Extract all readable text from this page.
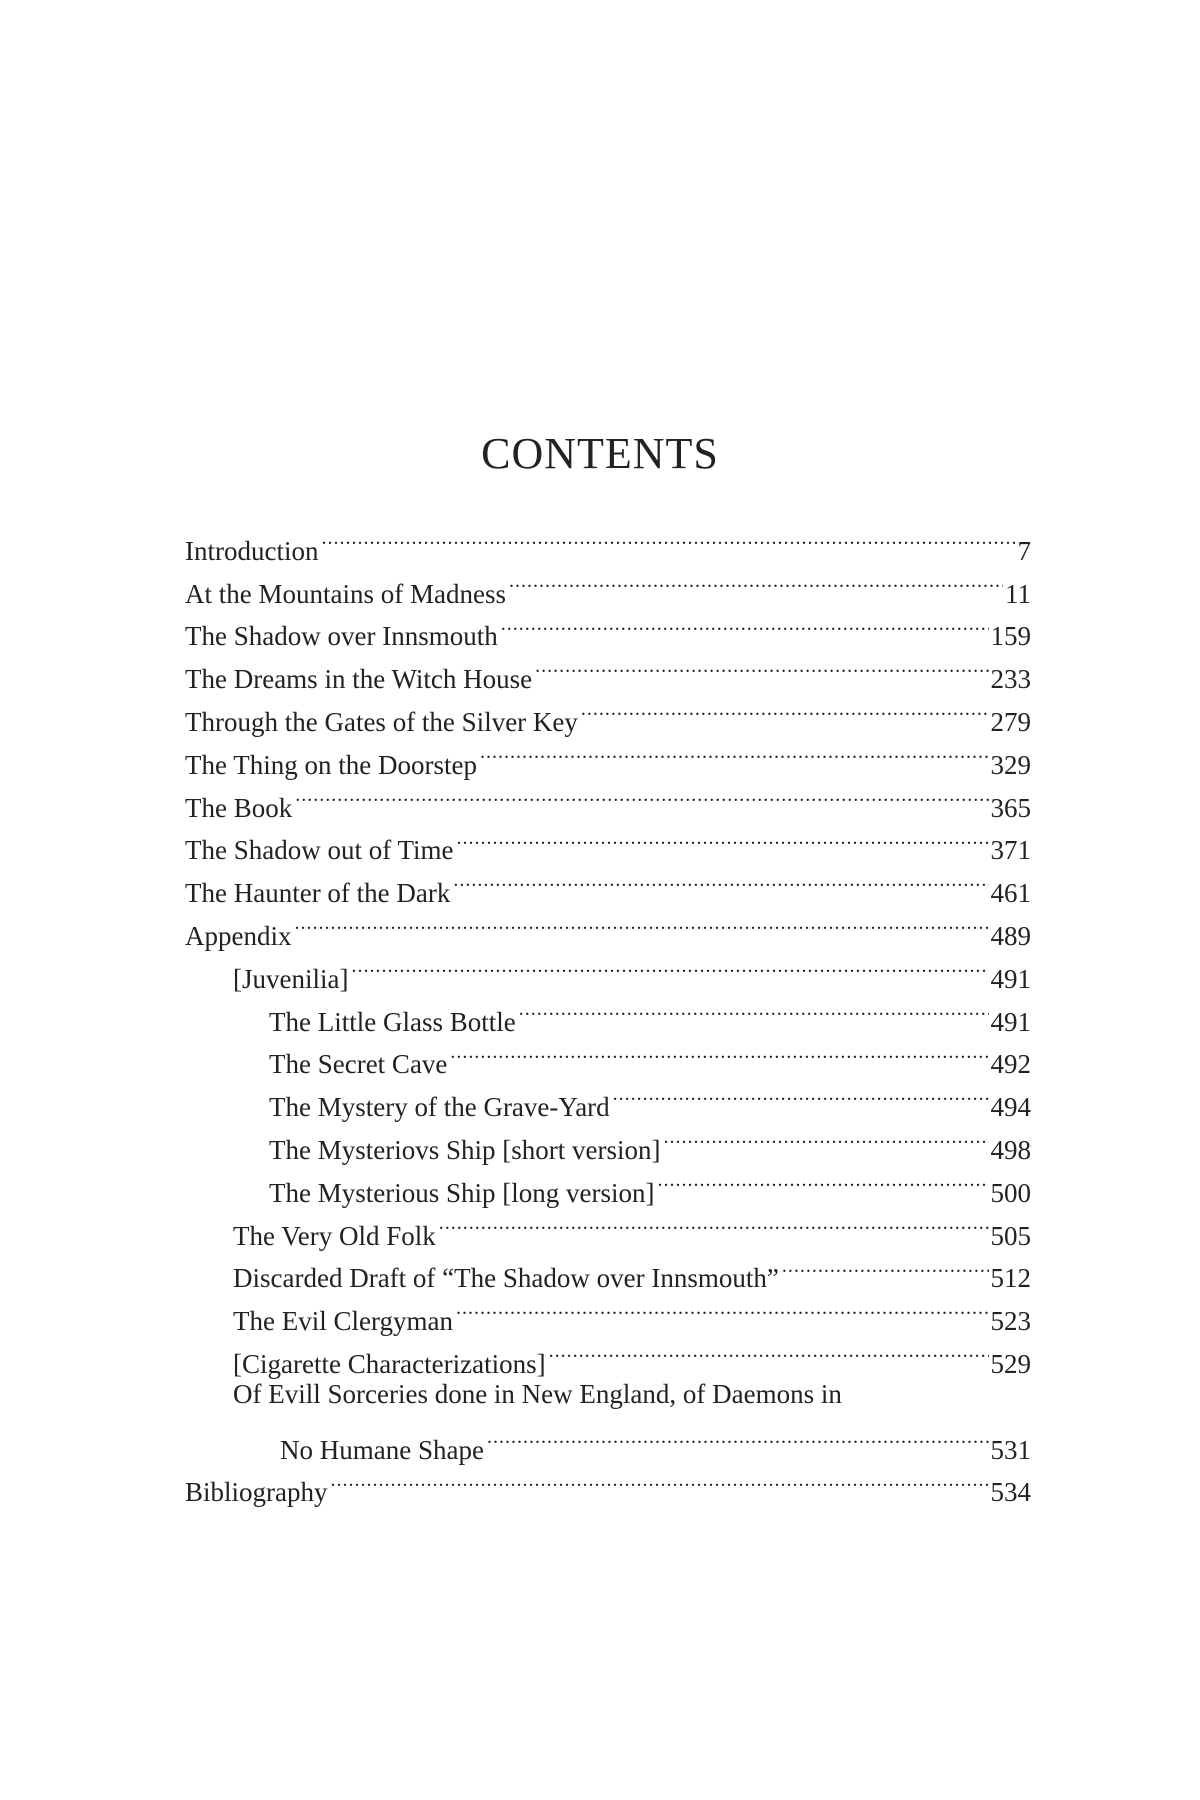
CONTENTS
Introduction .....	7
At the Mountains of Madness .....	11
The Shadow over Innsmouth .....	159
The Dreams in the Witch House .....	233
Through the Gates of the Silver Key .....	279
The Thing on the Doorstep .....	329
The Book .....	365
The Shadow out of Time .....	371
The Haunter of the Dark .....	461
Appendix .....	489
[Juvenilia] .....	491
The Little Glass Bottle .....	491
The Secret Cave .....	492
The Mystery of the Grave-Yard .....	494
The Mysteriovs Ship [short version] .....	498
The Mysterious Ship [long version] .....	500
The Very Old Folk .....	505
Discarded Draft of “The Shadow over Innsmouth” .....	512
The Evil Clergyman .....	523
[Cigarette Characterizations] .....	529
Of Evill Sorceries done in New England, of Daemons in
No Humane Shape .....	531
Bibliography .....	534
